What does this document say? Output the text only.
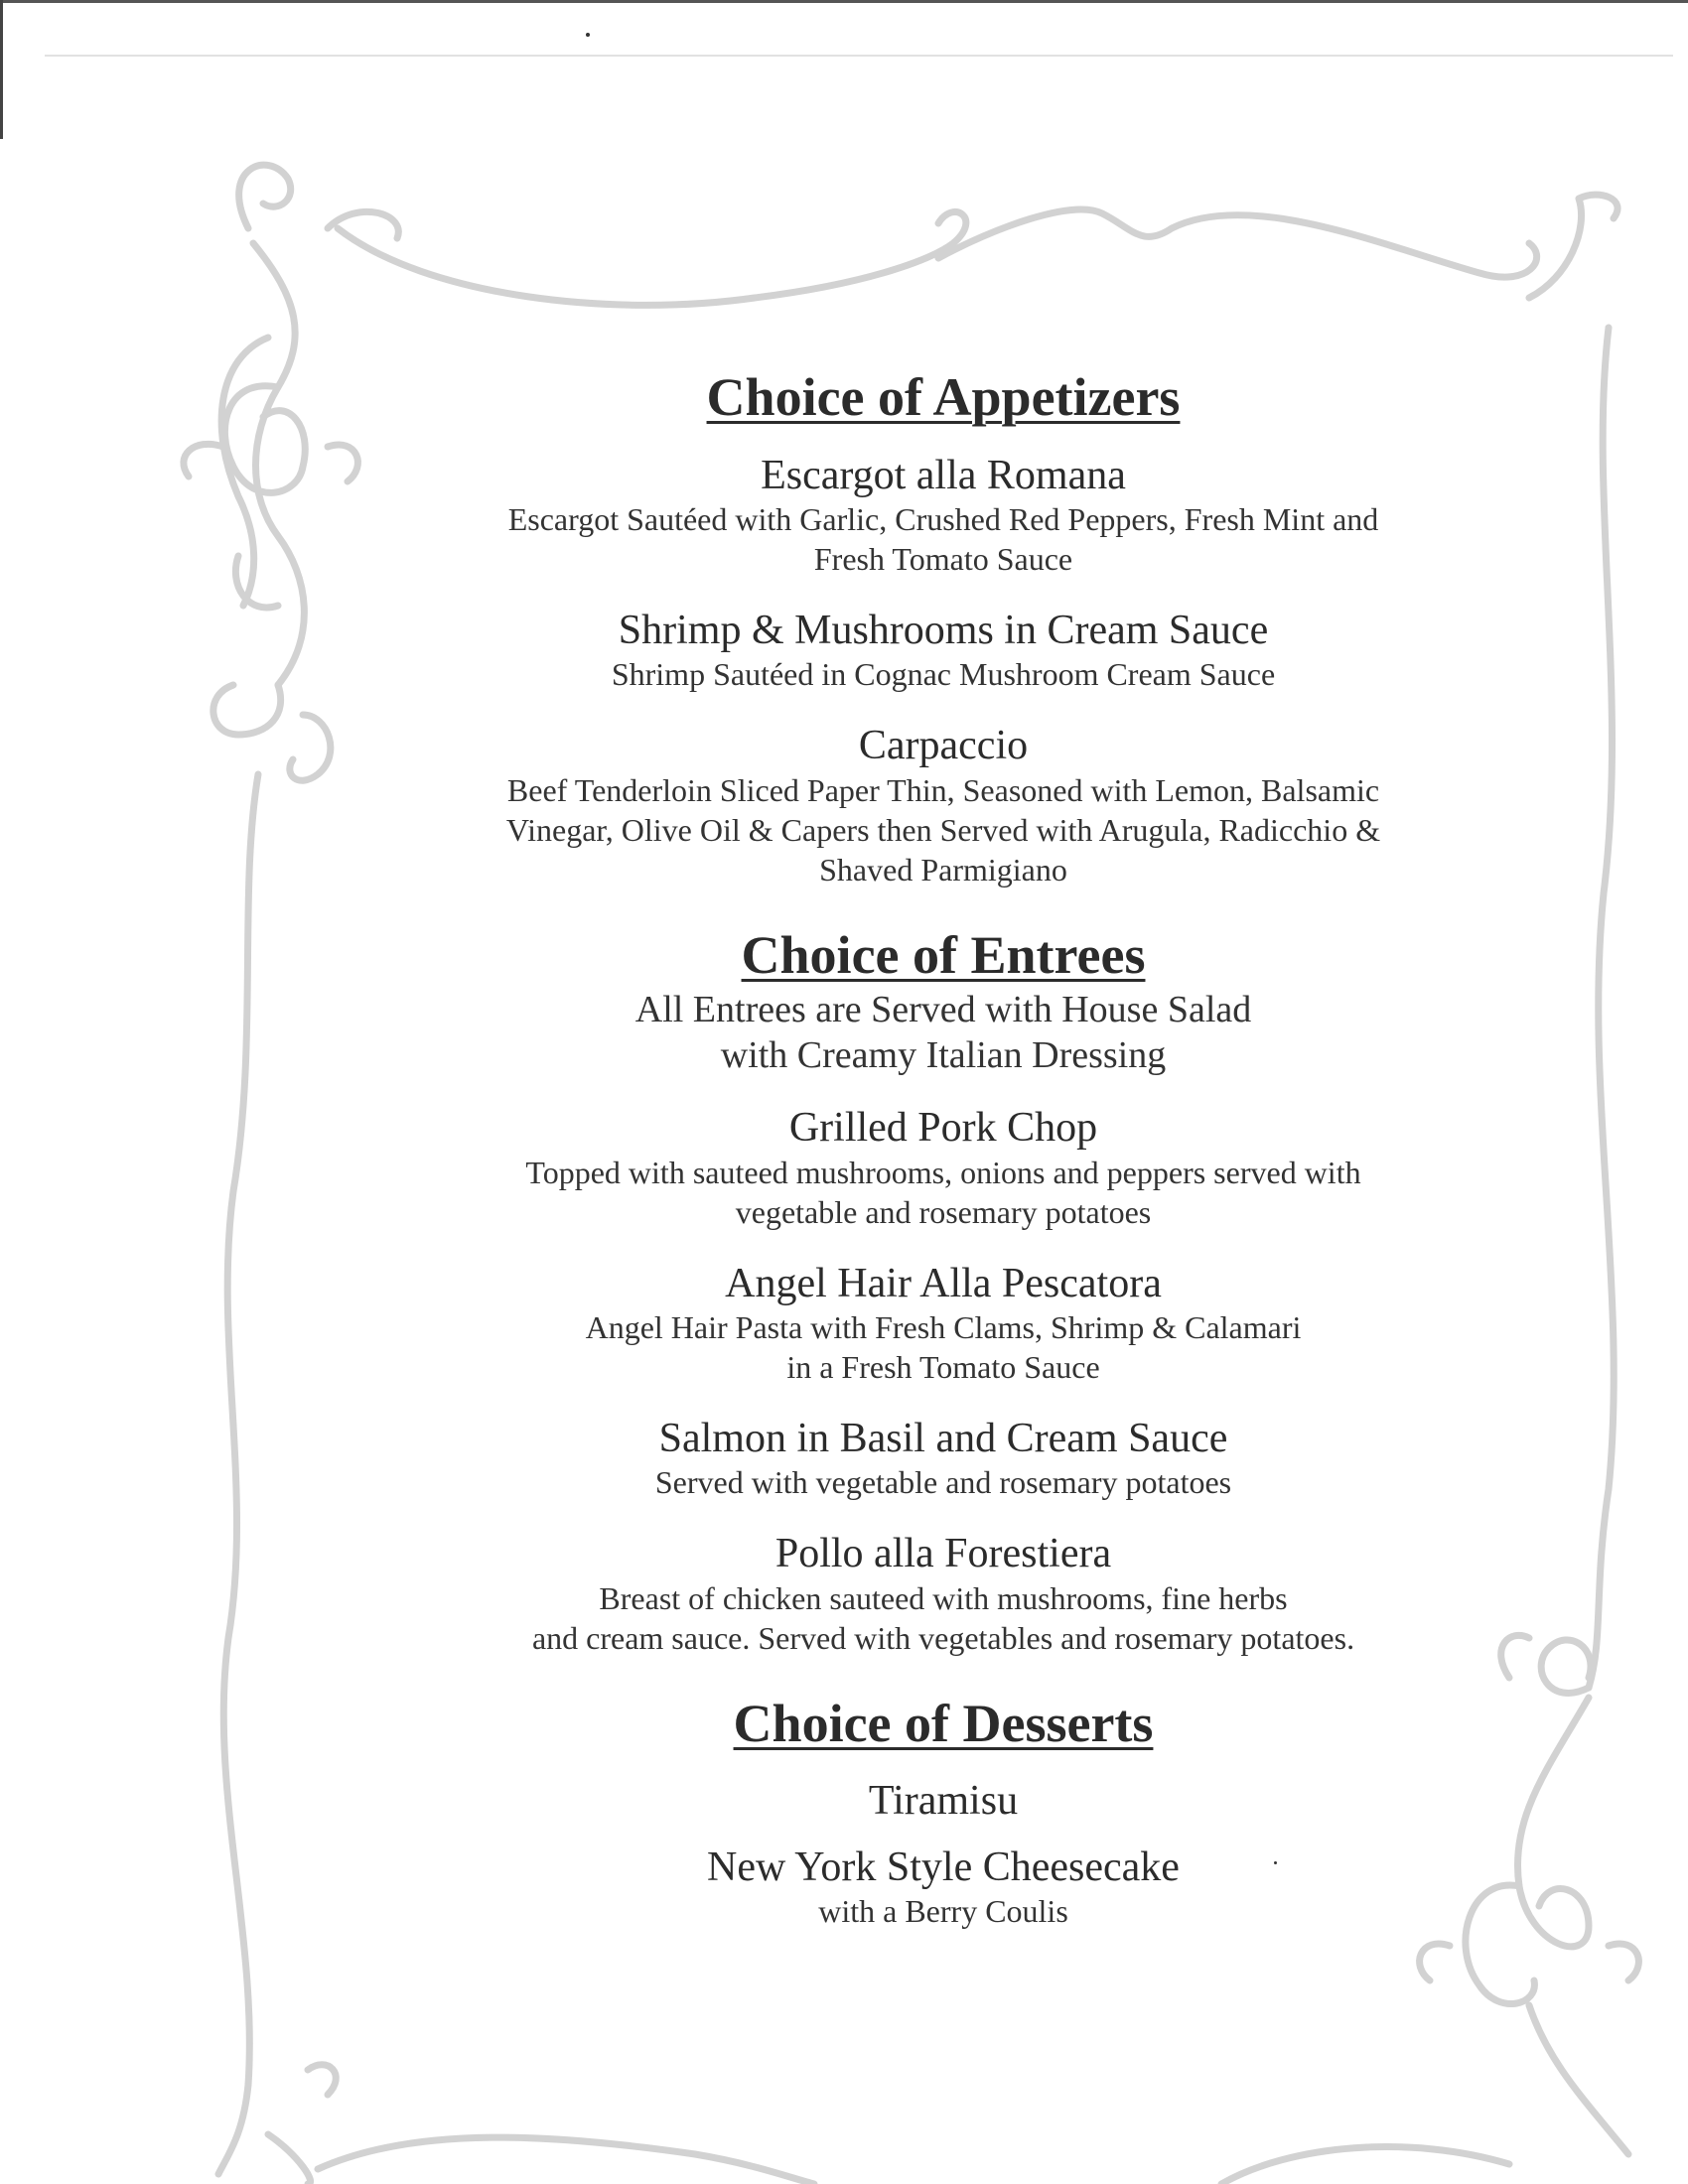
Choice of Appetizers

Escargot alla Romana

Escargot Sautéed with Garlic, Crushed Red Peppers, Fresh Mint and

Fresh Tomato Sauce

Shrimp & Mushrooms in Cream Sauce

Shrimp Sautéed in Cognac Mushroom Cream Sauce

Carpaccio

Beef Tenderloin Sliced Paper Thin, Seasoned with Lemon, Balsamic

Vinegar, Olive Oil & Capers then Served with Arugula, Radicchio &

Shaved Parmigiano

Choice of Entrees

All Entrees are Served with House Salad

with Creamy Italian Dressing

Grilled Pork Chop

Topped with sauteed mushrooms, onions and peppers served with

vegetable and rosemary potatoes

Angel Hair Alla Pescatora

Angel Hair Pasta with Fresh Clams, Shrimp & Calamari

in a Fresh Tomato Sauce

Salmon in Basil and Cream Sauce

Served with vegetable and rosemary potatoes

Pollo alla Forestiera

Breast of chicken sauteed with mushrooms, fine herbs

and cream sauce. Served with vegetables and rosemary potatoes.

Choice of Desserts

Tiramisu

New York Style Cheesecake

with a Berry Coulis
